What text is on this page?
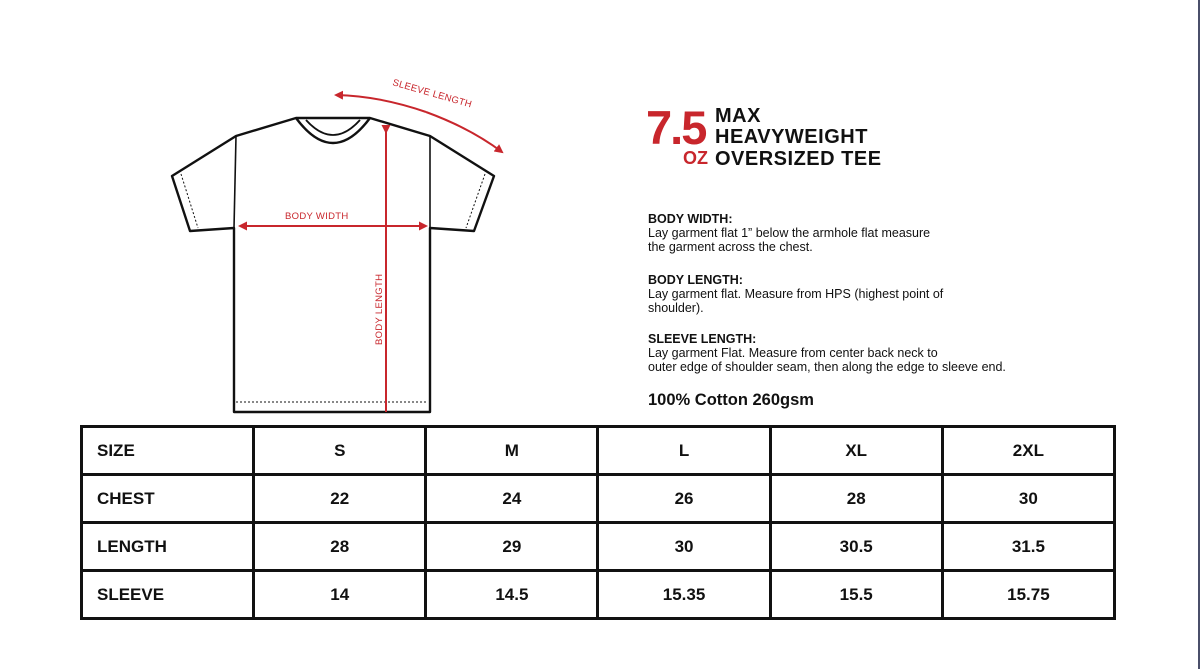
SLEEVE LENGTH
BODY WIDTH
BODY LENGTH
7.5
OZ
MAX
HEAVYWEIGHT
OVERSIZED TEE
BODY WIDTH:
Lay garment flat 1” below the armhole flat measure
the garment across the chest.
BODY LENGTH:
Lay garment flat. Measure from HPS (highest point of
shoulder).
SLEEVE LENGTH:
Lay garment Flat. Measure from center back neck to
outer edge of shoulder seam, then along the edge to sleeve end.
100% Cotton 260gsm
SIZE	S	M	L	XL	2XL
CHEST	22	24	26	28	30
LENGTH	28	29	30	30.5	31.5
SLEEVE	14	14.5	15.35	15.5	15.75
